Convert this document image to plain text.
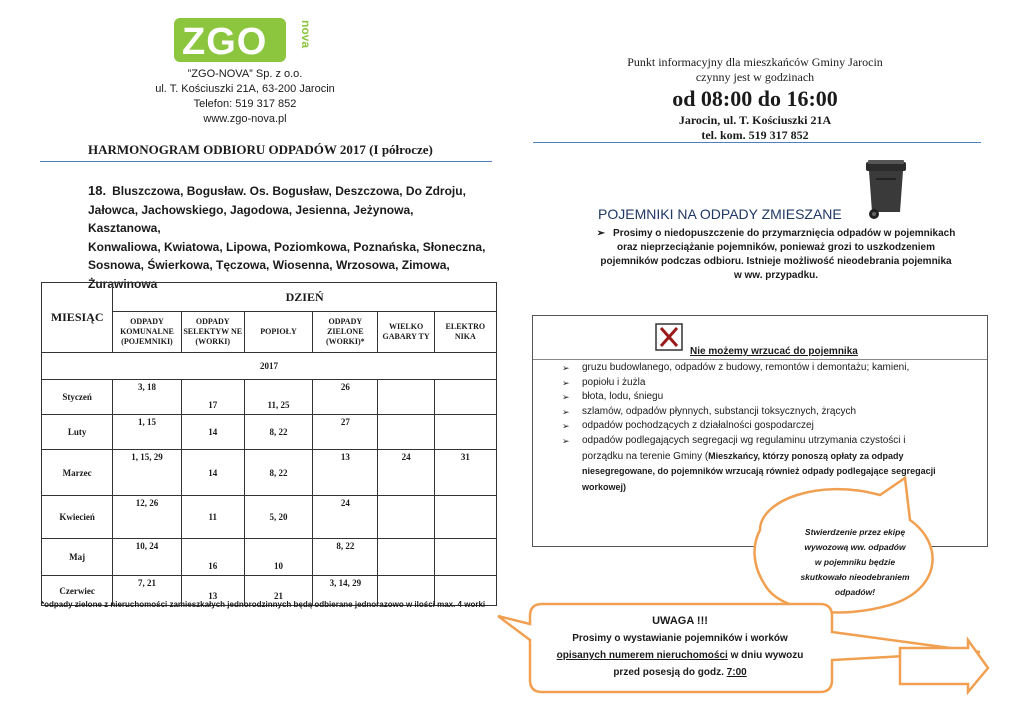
ZGO	nova
”ZGO-NOVA” Sp. z o.o.
ul. T. Kościuszki 21A, 63-200 Jarocin
Telefon: 519 317 852
www.zgo-nova.pl
HARMONOGRAM ODBIORU ODPADÓW 2017 (I półrocze)
18. Bluszczowa, Bogusław. Os. Bogusław, Deszczowa, Do Zdroju,
Jałowca, Jachowskiego, Jagodowa, Jesienna, Jeżynowa, Kasztanowa,
Konwaliowa, Kwiatowa, Lipowa, Poziomkowa, Poznańska, Słoneczna,
Sosnowa, Świerkowa, Tęczowa, Wiosenna, Wrzosowa, Zimowa,
Żurawinowa
MIESIĄC	DZIEŃ					
	ODPADY KOMUNALNE (POJEMNIKI)	ODPADY SELEKTYW NE (WORKI)	POPIOŁY	ODPADY ZIELONE (WORKI)*	WIELKO GABARY TY	ELEKTRO NIKA
2017						
Styczeń	3, 18	17	11, 25	26		

Luty	1, 15	14	8, 22	27		

Marzec	1, 15, 29	14	8, 22	13	24	31

Kwiecień	12, 26	11	5, 20	24		

Maj	10, 24	16	10	8, 22		

Czerwiec	7, 21	13	21	3, 14, 29		

*odpady zielone z nieruchomości zamieszkałych jednorodzinnych będą odbierane jednorazowo w ilości max. 4 worki
Punkt informacyjny dla mieszkańców Gminy Jarocin
czynny jest w godzinach
od 08:00 do 16:00
Jarocin, ul. T. Kościuszki 21A
tel. kom. 519 317 852
POJEMNIKI NA ODPADY ZMIESZANE
➢ Prosimy o niedopuszczenie do przymarznięcia odpadów w pojemnikach
oraz nieprzeciążanie pojemników, ponieważ grozi to uszkodzeniem
pojemników podczas odbioru. Istnieje możliwość nieodebrania pojemnika
w ww. przypadku.
Nie możemy wrzucać do pojemnika
➢ gruzu budowlanego, odpadów z budowy, remontów i demontażu; kamieni,
➢ popiołu i żużla
➢ błota, lodu, śniegu
➢ szlamów, odpadów płynnych, substancji toksycznych, żrących
➢ odpadów pochodzących z działalności gospodarczej
➢ odpadów podlegających segregacji wg regulaminu utrzymania czystości i
porządku na terenie Gminy (Mieszkańcy, którzy ponoszą opłaty za odpady niesegregowane, do pojemników wrzucają również odpady podlegające segregacji workowej)
Stwierdzenie przez ekipę
wywozową ww. odpadów
w pojemniku będzie
skutkowało nieodebraniem
odpadów!
UWAGA !!!
Prosimy o wystawianie pojemników i worków
opisanych numerem nieruchomości w dniu wywozu
przed posesją do godz. 7:00
